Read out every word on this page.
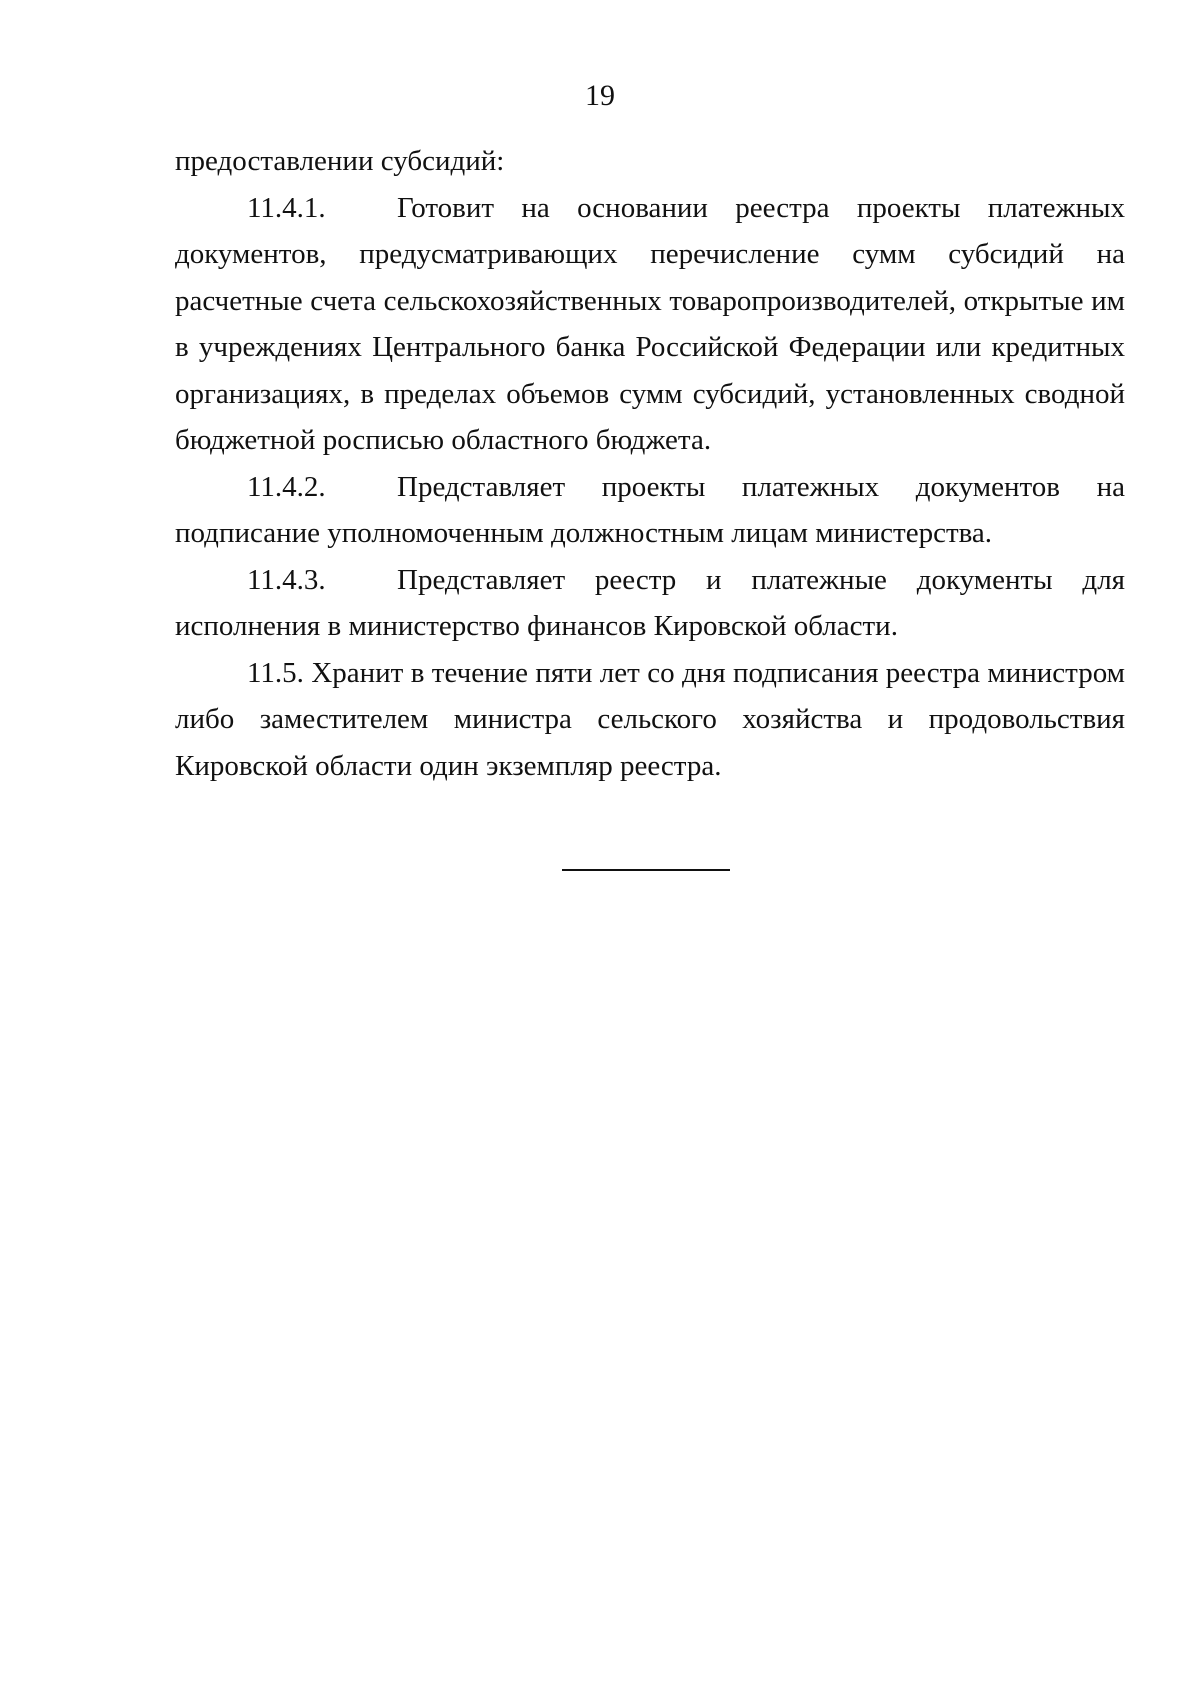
19

предоставлении субсидий:

11.4.1. Готовит на основании реестра проекты платежных документов, предусматривающих перечисление сумм субсидий на расчетные счета сельскохозяйственных товаропроизводителей, открытые им в учреждениях Центрального банка Российской Федерации или кредитных организациях, в пределах объемов сумм субсидий, установленных сводной бюджетной росписью областного бюджета.

11.4.2. Представляет проекты платежных документов на подписание уполномоченным должностным лицам министерства.

11.4.3. Представляет реестр и платежные документы для исполнения в министерство финансов Кировской области.

11.5. Хранит в течение пяти лет со дня подписания реестра министром либо заместителем министра сельского хозяйства и продовольствия Кировской области один экземпляр реестра.
